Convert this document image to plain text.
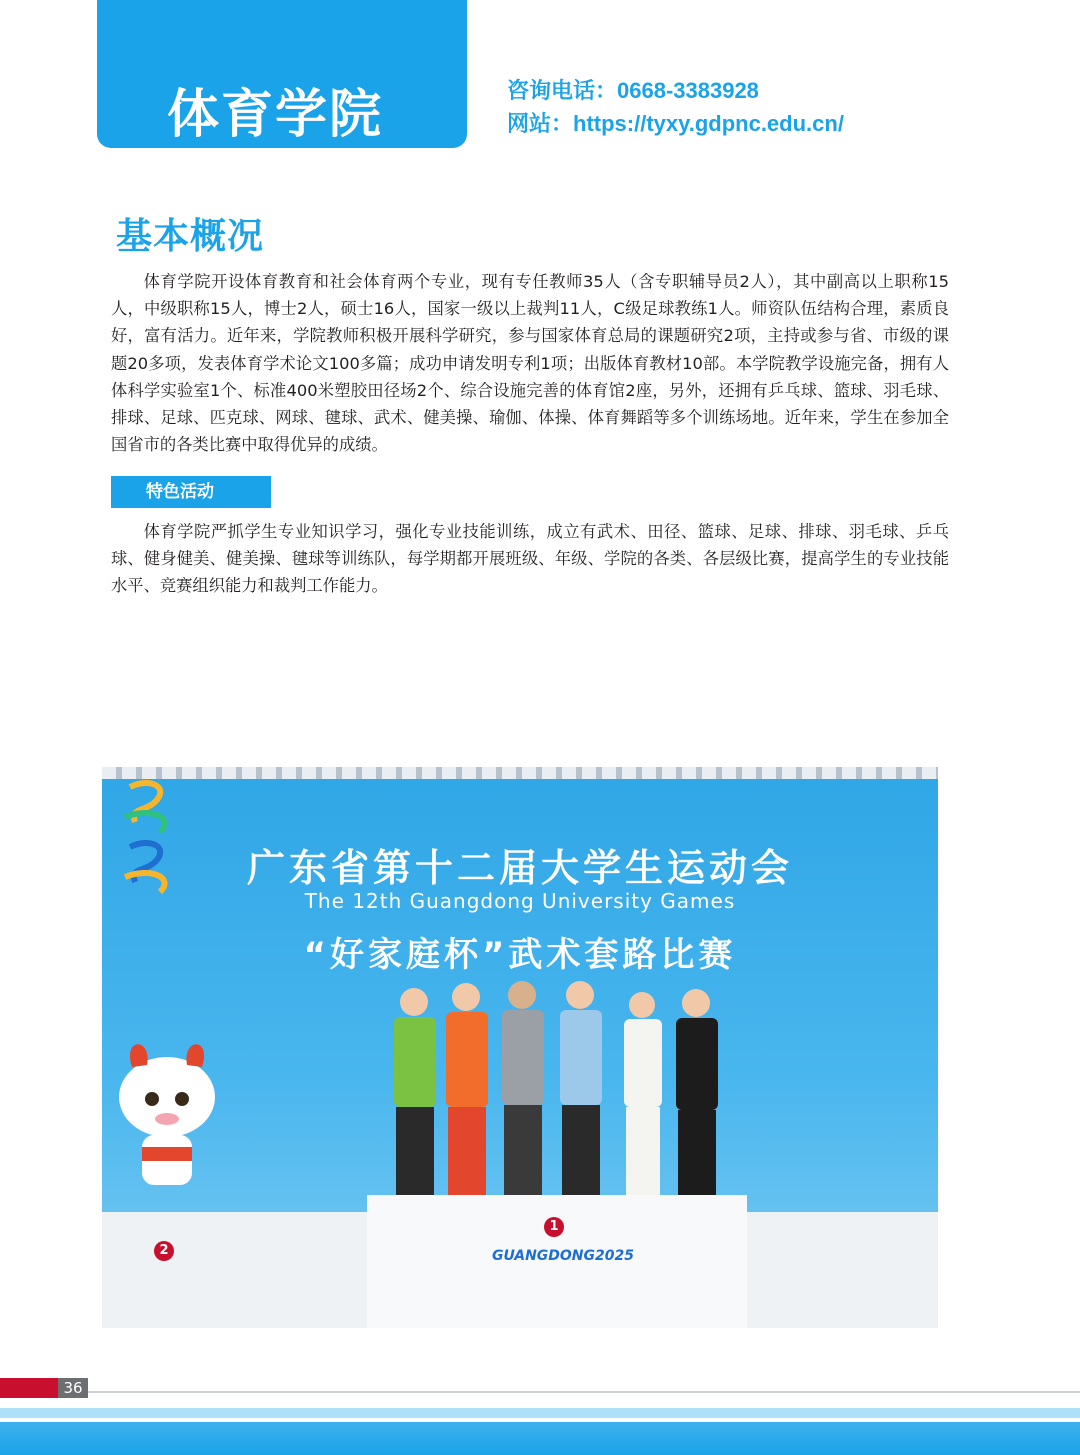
体育学院	咨询电话：0668-3383928
网站：https://tyxy.gdpnc.edu.cn/
基本概况

体育学院开设体育教育和社会体育两个专业，现有专任教师35人（含专职辅导员2人），其中副高以上职称15人，中级职称15人，博士2人，硕士16人，国家一级以上裁判11人，C级足球教练1人。师资队伍结构合理，素质良好，富有活力。近年来，学院教师积极开展科学研究，参与国家体育总局的课题研究2项，主持或参与省、市级的课题20多项，发表体育学术论文100多篇；成功申请发明专利1项；出版体育教材10部。本学院教学设施完备，拥有人体科学实验室1个、标准400米塑胶田径场2个、综合设施完善的体育馆2座，另外，还拥有乒乓球、篮球、羽毛球、排球、足球、匹克球、网球、毽球、武术、健美操、瑜伽、体操、体育舞蹈等多个训练场地。近年来，学生在参加全国省市的各类比赛中取得优异的成绩。

特色活动

体育学院严抓学生专业知识学习，强化专业技能训练，成立有武术、田径、篮球、足球、排球、羽毛球、乒乓球、健身健美、健美操、毽球等训练队，每学期都开展班级、年级、学院的各类、各层级比赛，提高学生的专业技能水平、竞赛组织能力和裁判工作能力。

广东省第十二届大学生运动会
The 12th Guangdong University Games
“好家庭杯”武术套路比赛
1
2	GUANGDONG2025
36
